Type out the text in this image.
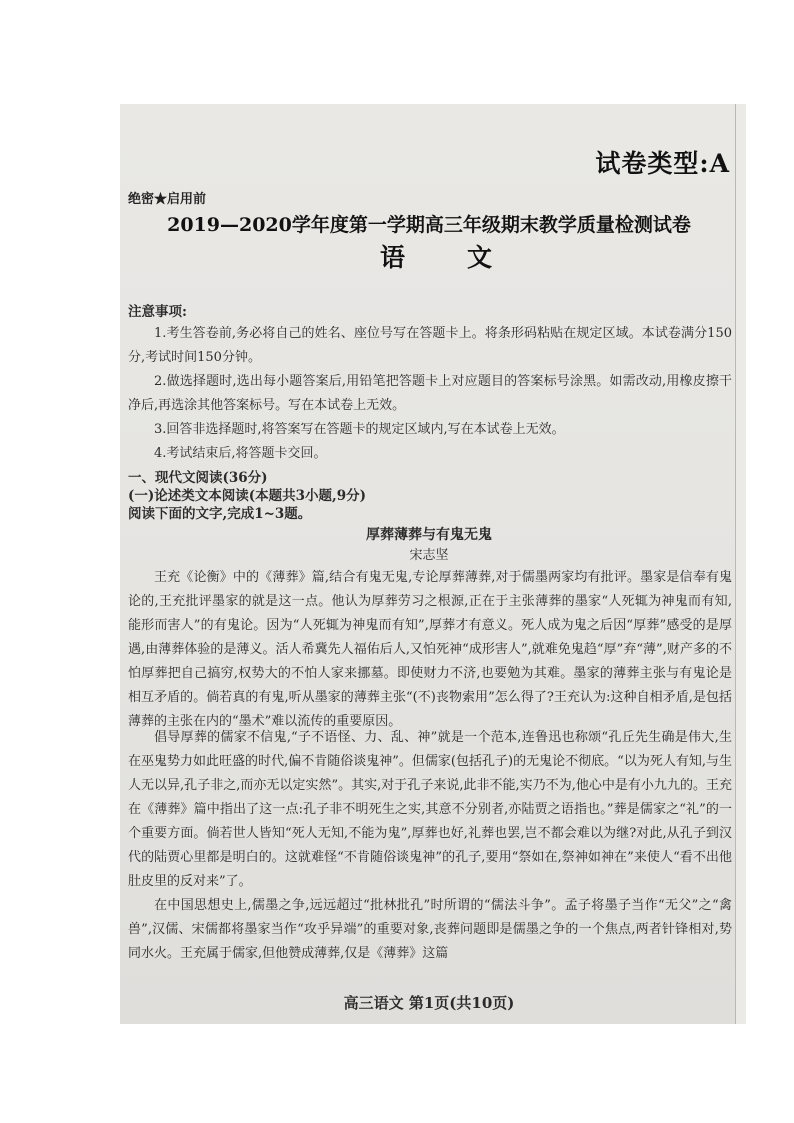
试卷类型:A
绝密★启用前
2019—2020学年度第一学期高三年级期末教学质量检测试卷
语文
注意事项:
1.考生答卷前,务必将自己的姓名、座位号写在答题卡上。将条形码粘贴在规定区域。本试卷满分150分,考试时间150分钟。
2.做选择题时,选出每小题答案后,用铅笔把答题卡上对应题目的答案标号涂黑。如需改动,用橡皮擦干净后,再选涂其他答案标号。写在本试卷上无效。
3.回答非选择题时,将答案写在答题卡的规定区域内,写在本试卷上无效。
4.考试结束后,将答题卡交回。
一、现代文阅读(36分)
(一)论述类文本阅读(本题共3小题,9分)
厚葬薄葬与有鬼无鬼
宋志坚
王充《论衡》中的《薄葬》篇,结合有鬼无鬼,专论厚葬薄葬,对于儒墨两家均有批评。墨家是信奉有鬼论的,王充批评墨家的就是这一点。他认为厚葬劳习之根源,正在于主张薄葬的墨家“人死辄为神鬼而有知,能形而害人”的有鬼论。因为“人死辄为神鬼而有知”,厚葬才有意义。死人成为鬼之后因“厚葬”感受的是厚遇,由薄葬体验的是薄义。活人希冀先人福佑后人,又怕死神“成形害人”,就难免鬼趋“厚”弃“薄”,财产多的不怕厚葬把自己搞穷,权势大的不怕人家来挪墓。即使财力不济,也要勉为其难。墨家的薄葬主张与有鬼论是相互矛盾的。倘若真的有鬼,听从墨家的薄葬主张“(不)丧物索用”怎么得了?王充认为:这种自相矛盾,是包括薄葬的主张在内的“墨术”难以流传的重要原因。
倡导厚葬的儒家不信鬼,“子不语怪、力、乱、神”就是一个范本,连鲁迅也称颂“孔丘先生确是伟大,生在巫鬼势力如此旺盛的时代,偏不肯随俗谈鬼神”。但儒家(包括孔子)的无鬼论不彻底。“以为死人有知,与生人无以异,孔子非之,而亦无以定实然”。其实,对于孔子来说,此非不能,实乃不为,他心中是有小九九的。王充在《薄葬》篇中指出了这一点:孔子非不明死生之实,其意不分别者,亦陆贾之语指也。”葬是儒家之“礼”的一个重要方面。倘若世人皆知“死人无知,不能为鬼”,厚葬也好,礼葬也罢,岂不都会难以为继?对此,从孔子到汉代的陆贾心里都是明白的。这就难怪“不肯随俗谈鬼神”的孔子,要用“祭如在,祭神如神在”来使人“看不出他肚皮里的反对来”了。
在中国思想史上,儒墨之争,远远超过“批林批孔”时所谓的“儒法斗争”。孟子将墨子当作“无父”之“禽兽”,汉儒、宋儒都将墨家当作“攻乎异端”的重要对象,丧葬问题即是儒墨之争的一个焦点,两者针锋相对,势同水火。王充属于儒家,但他赞成薄葬,仅是《薄葬》这篇
高三语文 第1页(共10页)
阅读下面的文字,完成1~3题。
